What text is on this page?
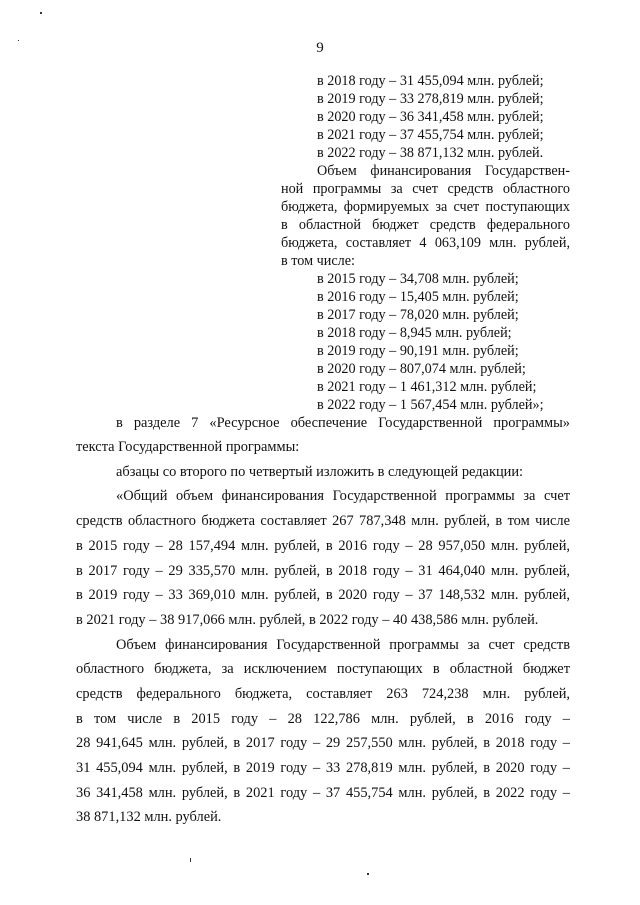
9
в 2018 году – 31 455,094 млн. рублей;
в 2019 году – 33 278,819 млн. рублей;
в 2020 году – 36 341,458 млн. рублей;
в 2021 году – 37 455,754 млн. рублей;
в 2022 году – 38 871,132 млн. рублей.
Объем финансирования Государствен-
ной программы за счет средств областного
бюджета, формируемых за счет поступающих
в областной бюджет средств федерального
бюджета, составляет 4 063,109 млн. рублей,
в том числе:
в 2015 году – 34,708 млн. рублей;
в 2016 году – 15,405 млн. рублей;
в 2017 году – 78,020 млн. рублей;
в 2018 году – 8,945 млн. рублей;
в 2019 году – 90,191 млн. рублей;
в 2020 году – 807,074 млн. рублей;
в 2021 году – 1 461,312 млн. рублей;
в 2022 году – 1 567,454 млн. рублей»;
в разделе 7 «Ресурсное обеспечение Государственной программы»
текста Государственной программы:
абзацы со второго по четвертый изложить в следующей редакции:
«Общий объем финансирования Государственной программы за счет
средств областного бюджета составляет 267 787,348 млн. рублей, в том числе
в 2015 году – 28 157,494 млн. рублей, в 2016 году – 28 957,050 млн. рублей,
в 2017 году – 29 335,570 млн. рублей, в 2018 году – 31 464,040 млн. рублей,
в 2019 году – 33 369,010 млн. рублей, в 2020 году – 37 148,532 млн. рублей,
в 2021 году – 38 917,066 млн. рублей, в 2022 году – 40 438,586 млн. рублей.
Объем финансирования Государственной программы за счет средств
областного бюджета, за исключением поступающих в областной бюджет
средств федерального бюджета, составляет 263 724,238 млн. рублей,
в том числе в 2015 году – 28 122,786 млн. рублей, в 2016 году –
28 941,645 млн. рублей, в 2017 году – 29 257,550 млн. рублей, в 2018 году –
31 455,094 млн. рублей, в 2019 году – 33 278,819 млн. рублей, в 2020 году –
36 341,458 млн. рублей, в 2021 году – 37 455,754 млн. рублей, в 2022 году –
38 871,132 млн. рублей.
